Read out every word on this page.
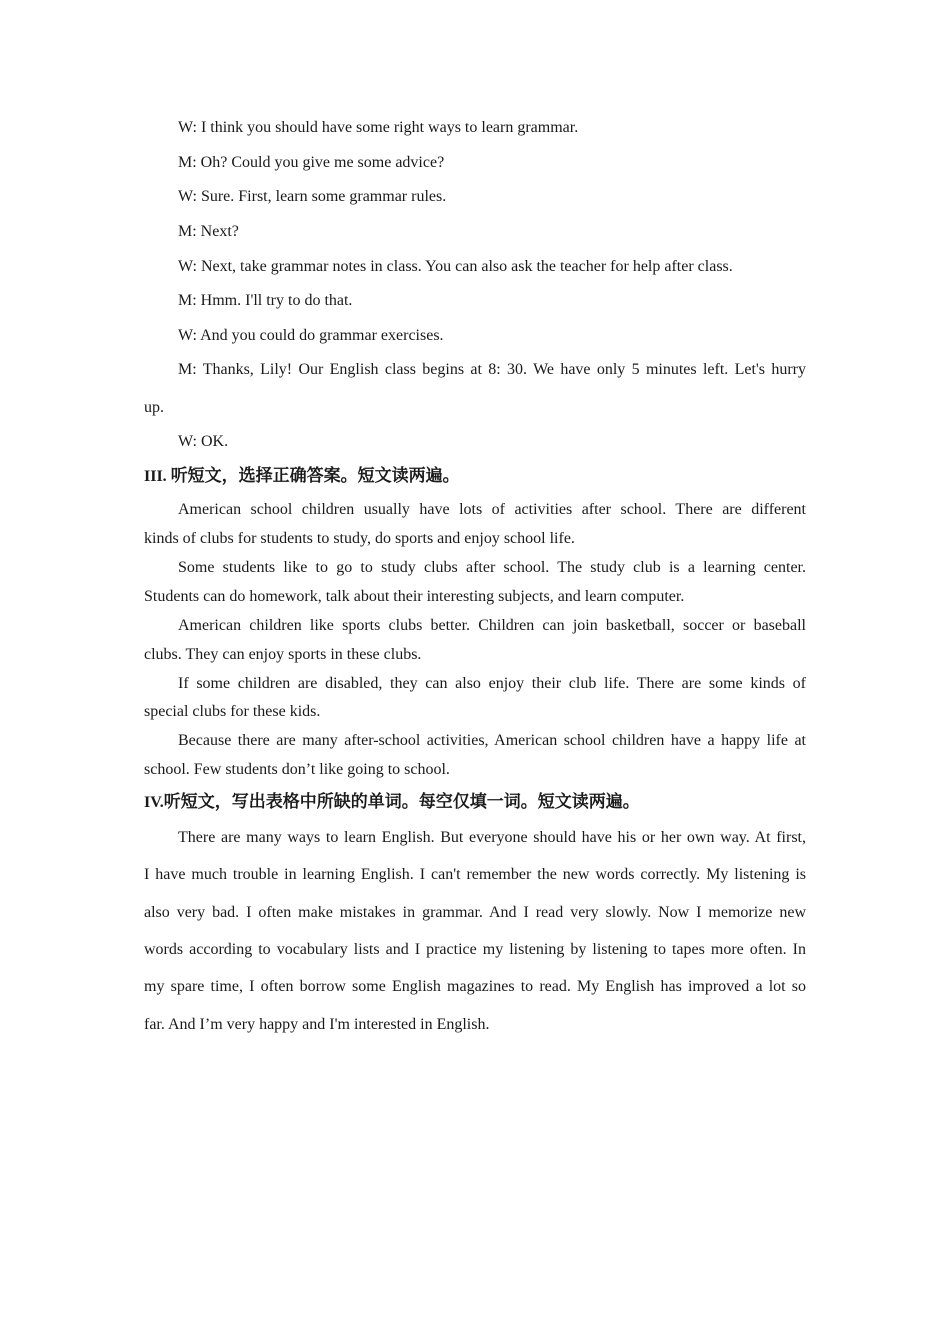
W: I think you should have some right ways to learn grammar.
M: Oh? Could you give me some advice?
W: Sure. First, learn some grammar rules.
M: Next?
W: Next, take grammar notes in class. You can also ask the teacher for help after class.
M: Hmm. I'll try to do that.
W: And you could do grammar exercises.
M: Thanks, Lily! Our English class begins at 8: 30. We have only 5 minutes left. Let's hurry
up.
W: OK.
III. 听短文，选择正确答案。短文读两遍。
American school children usually have lots of activities after school. There are different
kinds of clubs for students to study, do sports and enjoy school life.
Some students like to go to study clubs after school. The study club is a learning center.
Students can do homework, talk about their interesting subjects, and learn computer.
American children like sports clubs better. Children can join basketball, soccer or baseball
clubs. They can enjoy sports in these clubs.
If some children are disabled, they can also enjoy their club life. There are some kinds of
special clubs for these kids.
Because there are many after-school activities, American school children have a happy life at
school. Few students don’t like going to school.
IV.听短文，写出表格中所缺的单词。每空仅填一词。短文读两遍。
There are many ways to learn English. But everyone should have his or her own way. At first,
I have much trouble in learning English. I can't remember the new words correctly. My listening is
also very bad. I often make mistakes in grammar. And I read very slowly. Now I memorize new
words according to vocabulary lists and I practice my listening by listening to tapes more often. In
my spare time, I often borrow some English magazines to read. My English has improved a lot so
far. And I’m very happy and I'm interested in English.
